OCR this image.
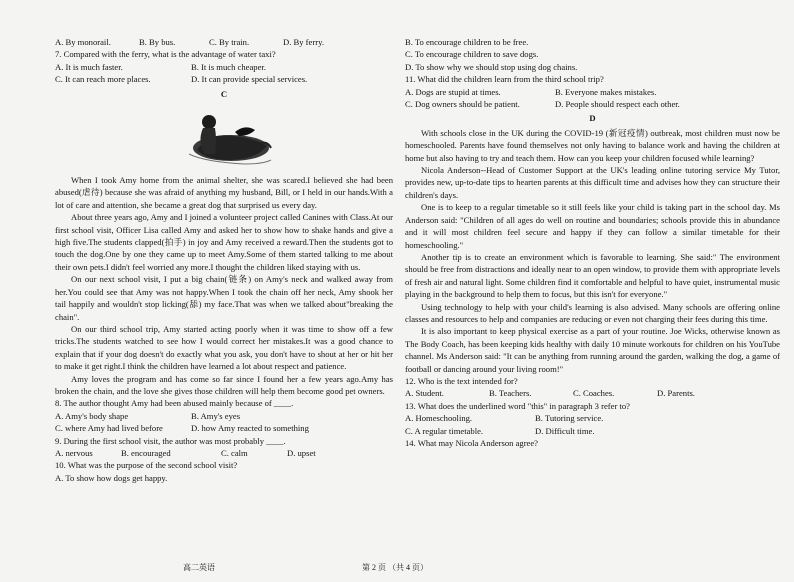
A. By monorail.	B. By bus.	C. By train.	D. By ferry.
7. Compared with the ferry, what is the advantage of water taxi?
A. It is much faster.	B. It is much cheaper.
C. It can reach more places.	D. It can provide special services.
C

When I took Amy home from the animal shelter, she was scared.I believed she had been abused(虐待) because she was afraid of anything my husband, Bill, or I held in our hands.With a lot of care and attention, she became a great dog that surprised us every day.

About three years ago, Amy and I joined a volunteer project called Canines with Class.At our first school visit, Officer Lisa called Amy and asked her to show how to shake hands and give a high five.The students clapped(拍手) in joy and Amy received a reward.Then the students got to touch the dog.One by one they came up to meet Amy.Some of them started talking to me about their own pets.I didn't feel worried any more.I thought the children liked staying with us.

On our next school visit, I put a big chain(链条) on Amy's neck and walked away from her.You could see that Amy was not happy.When I took the chain off her neck, Amy shook her tail happily and wouldn't stop licking(舔) my face.That was when we talked about"breaking the chain".

On our third school trip, Amy started acting poorly when it was time to show off a few tricks.The students watched to see how I would correct her mistakes.It was a good chance to explain that if your dog doesn't do exactly what you ask, you don't have to shout at her or hit her to make it get right.I think the children have learned a lot about respect and patience.

Amy loves the program and has come so far since I found her a few years ago.Amy has broken the chain, and the love she gives those children will help them become good pet owners.

8. The author thought Amy had been abused mainly because of ____.
A. Amy's body shape	B. Amy's eyes
C. where Amy had lived before	D. how Amy reacted to something
9. During the first school visit, the author was most probably ____.
A. nervous	B. encouraged	C. calm	D. upset
10. What was the purpose of the second school visit?
A. To show how dogs get happy.
B. To encourage children to be free.
C. To encourage children to save dogs.
D. To show why we should stop using dog chains.
11. What did the children learn from the third school trip?
A. Dogs are stupid at times.	B. Everyone makes mistakes.
C. Dog owners should be patient.	D. People should respect each other.
D

With schools close in the UK during the COVID-19 (新冠疫情) outbreak, most children must now be homeschooled. Parents have found themselves not only having to balance work and having the children at home but also having to try and teach them. How can you keep your children focused while learning?

Nicola Anderson--Head of Customer Support at the UK's leading online tutoring service My Tutor, provides new, up-to-date tips to hearten parents at this difficult time and advises how they can structure their children's days.

One is to keep to a regular timetable so it still feels like your child is taking part in the school day. Ms Anderson said: "Children of all ages do well on routine and boundaries; schools provide this in abundance and it will most children feel secure and happy if they can follow a similar timetable for their homeschooling."

Another tip is to create an environment which is favorable to learning. She said:" The environment should be free from distractions and ideally near to an open window, to provide them with appropriate levels of fresh air and natural light. Some children find it comfortable and helpful to have quiet, instrumental music playing in the background to help them to focus, but this isn't for everyone."

Using technology to help with your child's learning is also advised. Many schools are offering online classes and resources to help and companies are reducing or even not charging their fees during this time.

It is also important to keep physical exercise as a part of your routine. Joe Wicks, otherwise known as The Body Coach, has been keeping kids healthy with daily 10 minute workouts for children on his YouTube channel. Ms Anderson said: "It can be anything from running around the garden, walking the dog, a game of football or dancing around your living room!"

12. Who is the text intended for?
A. Student.	B. Teachers.	C. Coaches.	D. Parents.
13. What does the underlined word "this" in paragraph 3 refer to?
A. Homeschooling.	B. Tutoring service.
C. A regular timetable.	D. Difficult time.
14. What may Nicola Anderson agree?
高二英语	第 2 页 （共 4 页）
